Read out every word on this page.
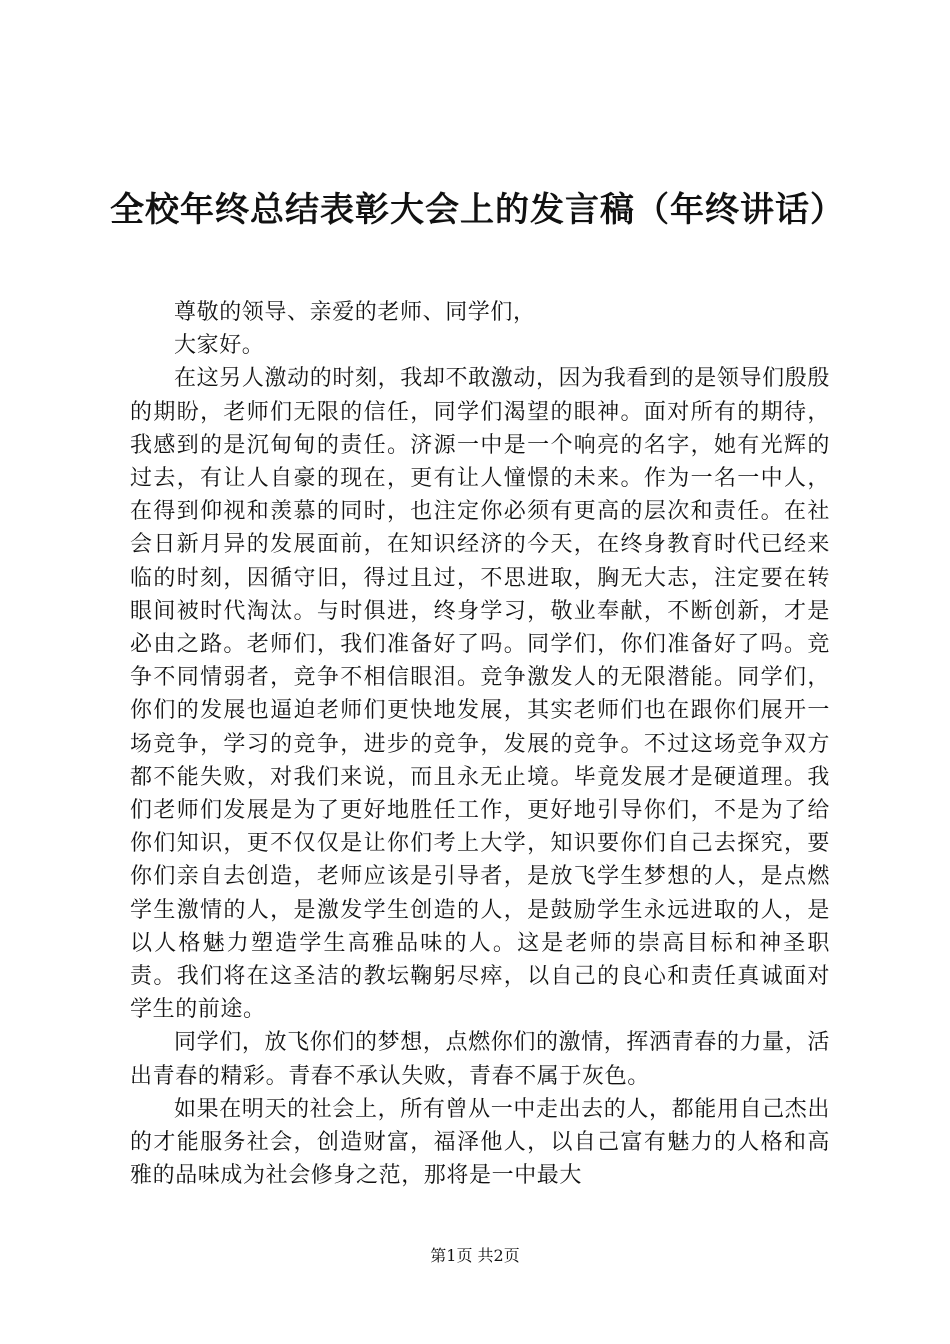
全校年终总结表彰大会上的发言稿（年终讲话）

尊敬的领导、亲爱的老师、同学们，

大家好。

在这另人激动的时刻，我却不敢激动，因为我看到的是领导们殷殷的期盼，老师们无限的信任，同学们渴望的眼神。面对所有的期待，我感到的是沉甸甸的责任。济源一中是一个响亮的名字，她有光辉的过去，有让人自豪的现在，更有让人憧憬的未来。作为一名一中人，在得到仰视和羡慕的同时，也注定你必须有更高的层次和责任。在社会日新月异的发展面前，在知识经济的今天，在终身教育时代已经来临的时刻，因循守旧，得过且过，不思进取，胸无大志，注定要在转眼间被时代淘汰。与时俱进，终身学习，敬业奉献，不断创新，才是必由之路。老师们，我们准备好了吗。同学们，你们准备好了吗。竞争不同情弱者，竞争不相信眼泪。竞争激发人的无限潜能。同学们，你们的发展也逼迫老师们更快地发展，其实老师们也在跟你们展开一场竞争，学习的竞争，进步的竞争，发展的竞争。不过这场竞争双方都不能失败，对我们来说，而且永无止境。毕竟发展才是硬道理。我们老师们发展是为了更好地胜任工作，更好地引导你们，不是为了给你们知识，更不仅仅是让你们考上大学，知识要你们自己去探究，要你们亲自去创造，老师应该是引导者，是放飞学生梦想的人，是点燃学生激情的人，是激发学生创造的人，是鼓励学生永远进取的人，是以人格魅力塑造学生高雅品味的人。这是老师的崇高目标和神圣职责。我们将在这圣洁的教坛鞠躬尽瘁，以自己的良心和责任真诚面对学生的前途。

同学们，放飞你们的梦想，点燃你们的激情，挥洒青春的力量，活出青春的精彩。青春不承认失败，青春不属于灰色。

如果在明天的社会上，所有曾从一中走出去的人，都能用自己杰出的才能服务社会，创造财富，福泽他人，以自己富有魅力的人格和高雅的品味成为社会修身之范，那将是一中最大

第1页 共2页
